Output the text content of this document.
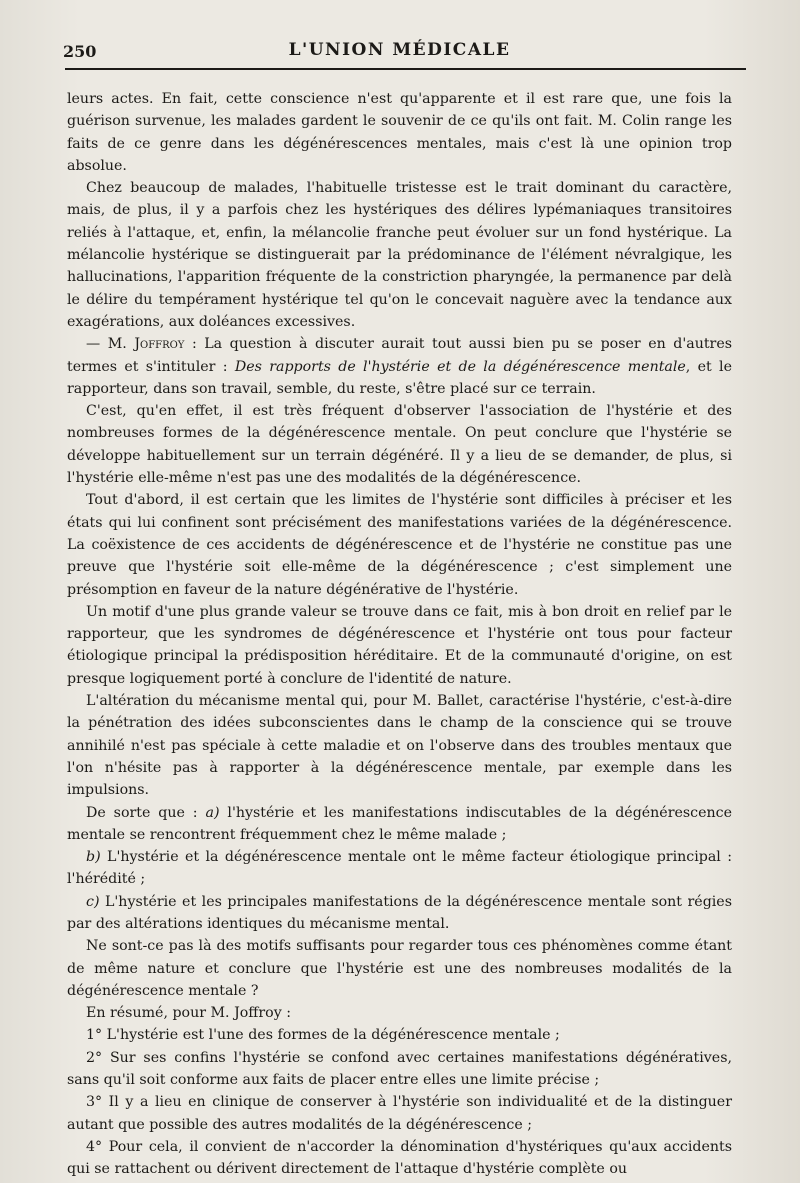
250	L'UNION MÉDICALE

leurs actes. En fait, cette conscience n'est qu'apparente et il est rare que, une fois la guérison survenue, les malades gardent le souvenir de ce qu'ils ont fait. M. Colin range les faits de ce genre dans les dégénérescences mentales, mais c'est là une opinion trop absolue.

Chez beaucoup de malades, l'habituelle tristesse est le trait dominant du caractère, mais, de plus, il y a parfois chez les hystériques des délires lypémaniaques transitoires reliés à l'attaque, et, enfin, la mélancolie franche peut évoluer sur un fond hystérique. La mélancolie hystérique se distinguerait par la prédominance de l'élément névralgique, les hallucinations, l'apparition fréquente de la constriction pharyngée, la permanence par delà le délire du tempérament hystérique tel qu'on le concevait naguère avec la tendance aux exagérations, aux doléances excessives.

— M. Joffroy : La question à discuter aurait tout aussi bien pu se poser en d'autres termes et s'intituler : Des rapports de l'hystérie et de la dégénérescence mentale, et le rapporteur, dans son travail, semble, du reste, s'être placé sur ce terrain.

C'est, qu'en effet, il est très fréquent d'observer l'association de l'hystérie et des nombreuses formes de la dégénérescence mentale. On peut conclure que l'hystérie se développe habituellement sur un terrain dégénéré. Il y a lieu de se demander, de plus, si l'hystérie elle-même n'est pas une des modalités de la dégénérescence.

Tout d'abord, il est certain que les limites de l'hystérie sont difficiles à préciser et les états qui lui confinent sont précisément des manifestations variées de la dégénérescence. La coëxistence de ces accidents de dégénérescence et de l'hystérie ne constitue pas une preuve que l'hystérie soit elle-même de la dégénérescence ; c'est simplement une présomption en faveur de la nature dégénérative de l'hystérie.

Un motif d'une plus grande valeur se trouve dans ce fait, mis à bon droit en relief par le rapporteur, que les syndromes de dégénérescence et l'hystérie ont tous pour facteur étiologique principal la prédisposition héréditaire. Et de la communauté d'origine, on est presque logiquement porté à conclure de l'identité de nature.

L'altération du mécanisme mental qui, pour M. Ballet, caractérise l'hystérie, c'est-à-dire la pénétration des idées subconscientes dans le champ de la conscience qui se trouve annihilé n'est pas spéciale à cette maladie et on l'observe dans des troubles mentaux que l'on n'hésite pas à rapporter à la dégénérescence mentale, par exemple dans les impulsions.

De sorte que : a) l'hystérie et les manifestations indiscutables de la dégénérescence mentale se rencontrent fréquemment chez le même malade ;

b) L'hystérie et la dégénérescence mentale ont le même facteur étiologique principal : l'hérédité ;

c) L'hystérie et les principales manifestations de la dégénérescence mentale sont régies par des altérations identiques du mécanisme mental.

Ne sont-ce pas là des motifs suffisants pour regarder tous ces phénomènes comme étant de même nature et conclure que l'hystérie est une des nombreuses modalités de la dégénérescence mentale ?

En résumé, pour M. Joffroy :

1° L'hystérie est l'une des formes de la dégénérescence mentale ;

2° Sur ses confins l'hystérie se confond avec certaines manifestations dégénératives, sans qu'il soit conforme aux faits de placer entre elles une limite précise ;

3° Il y a lieu en clinique de conserver à l'hystérie son individualité et de la distinguer autant que possible des autres modalités de la dégénérescence ;

4° Pour cela, il convient de n'accorder la dénomination d'hystériques qu'aux accidents qui se rattachent ou dérivent directement de l'attaque d'hystérie complète ou
